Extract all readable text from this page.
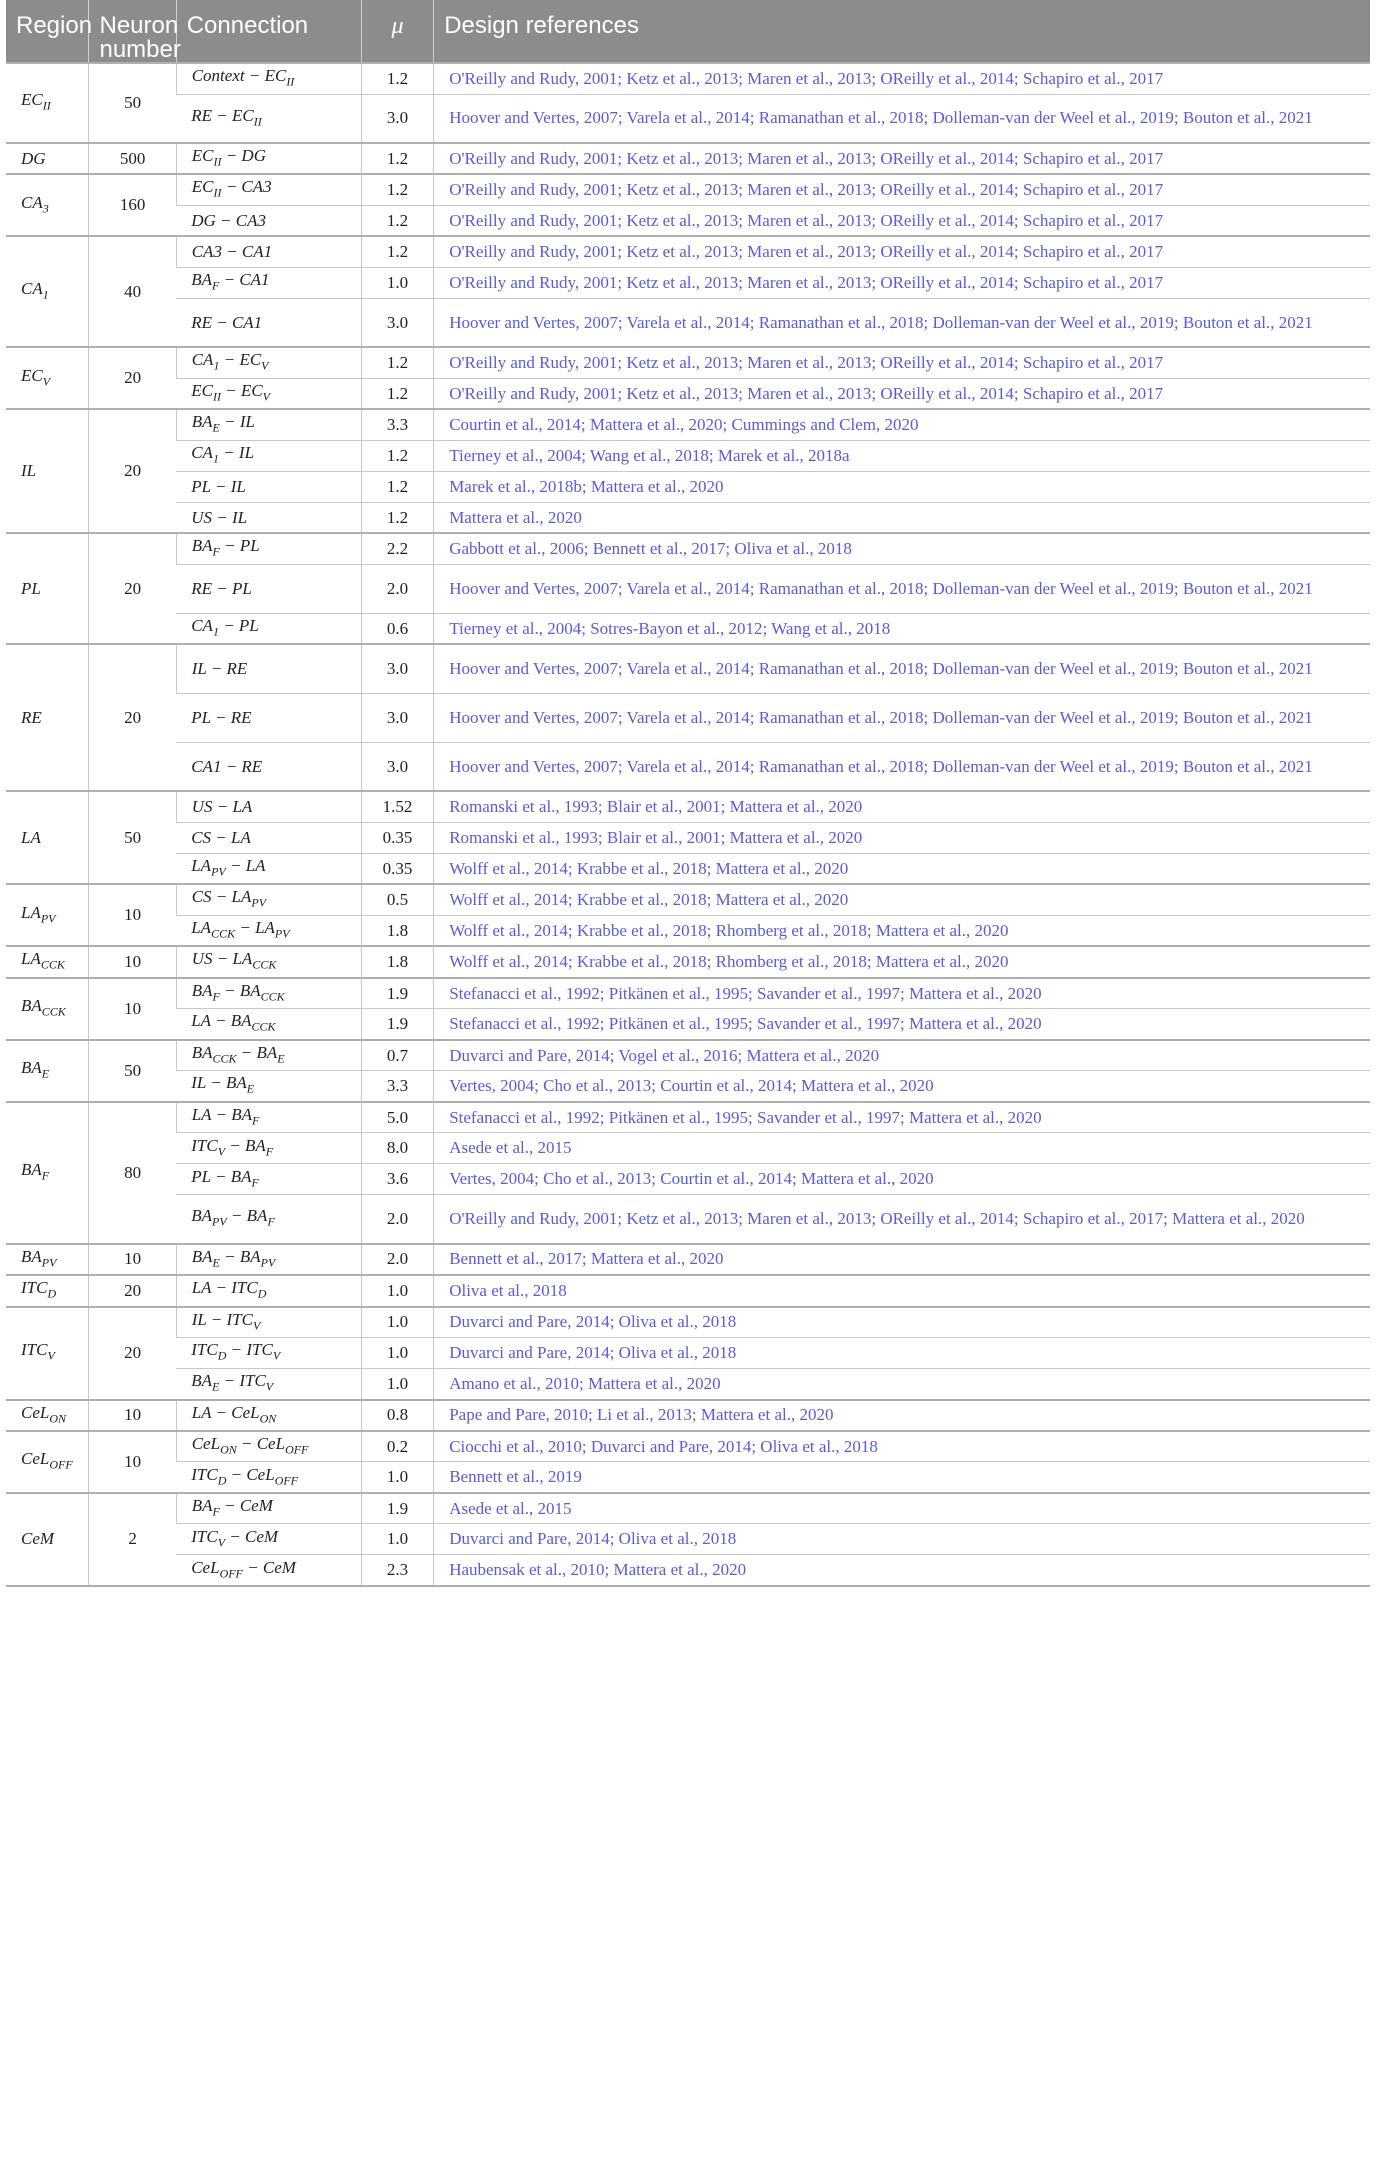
Region	Neuron number	Connection	μ	Design references
$EC_{II}$	50	Context − $EC_{II}$	1.2	O'Reilly and Rudy, 2001; Ketz et al., 2013; Maren et al., 2013; OReilly et al., 2014; Schapiro et al., 2017
		RE − $EC_{II}$	3.0	Hoover and Vertes, 2007; Varela et al., 2014; Ramanathan et al., 2018; Dolleman-van der Weel et al., 2019; Bouton et al., 2021
DG	500	$EC_{II}$ − DG	1.2	O'Reilly and Rudy, 2001; Ketz et al., 2013; Maren et al., 2013; OReilly et al., 2014; Schapiro et al., 2017
$CA_3$	160	$EC_{II} - CA3$	1.2	O'Reilly and Rudy, 2001; Ketz et al., 2013; Maren et al., 2013; OReilly et al., 2014; Schapiro et al., 2017
		DG − CA3	1.2	O'Reilly and Rudy, 2001; Ketz et al., 2013; Maren et al., 2013; OReilly et al., 2014; Schapiro et al., 2017
$CA_1$	40	CA3 − CA1	1.2	O'Reilly and Rudy, 2001; Ketz et al., 2013; Maren et al., 2013; OReilly et al., 2014; Schapiro et al., 2017
		$BA_F - CA1$	1.0	O'Reilly and Rudy, 2001; Ketz et al., 2013; Maren et al., 2013; OReilly et al., 2014; Schapiro et al., 2017
		RE − CA1	3.0	Hoover and Vertes, 2007; Varela et al., 2014; Ramanathan et al., 2018; Dolleman-van der Weel et al., 2019; Bouton et al., 2021
$EC_V$	20	$CA_1 - EC_V$	1.2	O'Reilly and Rudy, 2001; Ketz et al., 2013; Maren et al., 2013; OReilly et al., 2014; Schapiro et al., 2017
		$EC_{II} - EC_V$	1.2	O'Reilly and Rudy, 2001; Ketz et al., 2013; Maren et al., 2013; OReilly et al., 2014; Schapiro et al., 2017
IL	20	$BA_E$ − IL	3.3	Courtin et al., 2014; Mattera et al., 2020; Cummings and Clem, 2020
		$CA_1$ − IL	1.2	Tierney et al., 2004; Wang et al., 2018; Marek et al., 2018a
		PL − IL	1.2	Marek et al., 2018b; Mattera et al., 2020
		US − IL	1.2	Mattera et al., 2020
PL	20	$BA_F$ − PL	2.2	Gabbott et al., 2006; Bennett et al., 2017; Oliva et al., 2018
		RE − PL	2.0	Hoover and Vertes, 2007; Varela et al., 2014; Ramanathan et al., 2018; Dolleman-van der Weel et al., 2019; Bouton et al., 2021
		$CA_1$ − PL	0.6	Tierney et al., 2004; Sotres-Bayon et al., 2012; Wang et al., 2018
RE	20	IL − RE	3.0	Hoover and Vertes, 2007; Varela et al., 2014; Ramanathan et al., 2018; Dolleman-van der Weel et al., 2019; Bouton et al., 2021
		PL − RE	3.0	Hoover and Vertes, 2007; Varela et al., 2014; Ramanathan et al., 2018; Dolleman-van der Weel et al., 2019; Bouton et al., 2021
		CA1 − RE	3.0	Hoover and Vertes, 2007; Varela et al., 2014; Ramanathan et al., 2018; Dolleman-van der Weel et al., 2019; Bouton et al., 2021
LA	50	US − LA	1.52	Romanski et al., 1993; Blair et al., 2001; Mattera et al., 2020
		CS − LA	0.35	Romanski et al., 1993; Blair et al., 2001; Mattera et al., 2020
		$LA_{PV}$ − LA	0.35	Wolff et al., 2014; Krabbe et al., 2018; Mattera et al., 2020
$LA_{PV}$	10	CS − $LA_{PV}$	0.5	Wolff et al., 2014; Krabbe et al., 2018; Mattera et al., 2020
		$LA_{CCK} - LA_{PV}$	1.8	Wolff et al., 2014; Krabbe et al., 2018; Rhomberg et al., 2018; Mattera et al., 2020
$LA_{CCK}$	10	US − $LA_{CCK}$	1.8	Wolff et al., 2014; Krabbe et al., 2018; Rhomberg et al., 2018; Mattera et al., 2020
$BA_{CCK}$	10	$BA_F - BA_{CCK}$	1.9	Stefanacci et al., 1992; Pitkänen et al., 1995; Savander et al., 1997; Mattera et al., 2020
		LA − $BA_{CCK}$	1.9	Stefanacci et al., 1992; Pitkänen et al., 1995; Savander et al., 1997; Mattera et al., 2020
$BA_E$	50	$BA_{CCK} - BA_E$	0.7	Duvarci and Pare, 2014; Vogel et al., 2016; Mattera et al., 2020
		IL − $BA_E$	3.3	Vertes, 2004; Cho et al., 2013; Courtin et al., 2014; Mattera et al., 2020
$BA_F$	80	LA − $BA_F$	5.0	Stefanacci et al., 1992; Pitkänen et al., 1995; Savander et al., 1997; Mattera et al., 2020
		$ITC_V - BA_F$	8.0	Asede et al., 2015
		PL − $BA_F$	3.6	Vertes, 2004; Cho et al., 2013; Courtin et al., 2014; Mattera et al., 2020
		$BA_{PV} - BA_F$	2.0	O'Reilly and Rudy, 2001; Ketz et al., 2013; Maren et al., 2013; OReilly et al., 2014; Schapiro et al., 2017; Mattera et al., 2020
$BA_{PV}$	10	$BA_E - BA_{PV}$	2.0	Bennett et al., 2017; Mattera et al., 2020
$ITC_D$	20	LA − $ITC_D$	1.0	Oliva et al., 2018
$ITC_V$	20	IL − $ITC_V$	1.0	Duvarci and Pare, 2014; Oliva et al., 2018
		$ITC_D - ITC_V$	1.0	Duvarci and Pare, 2014; Oliva et al., 2018
		$BA_E - ITC_V$	1.0	Amano et al., 2010; Mattera et al., 2020
CeL$_{ON}$	10	LA − CeL$_{ON}$	0.8	Pape and Pare, 2010; Li et al., 2013; Mattera et al., 2020
CeL$_{OFF}$	10	CeL$_{ON}$ − CeL$_{OFF}$	0.2	Ciocchi et al., 2010; Duvarci and Pare, 2014; Oliva et al., 2018
		$ITC_D - CeL_{OFF}$	1.0	Bennett et al., 2019
CeM	2	$BA_F$ − CeM	1.9	Asede et al., 2015
		$ITC_V$ − CeM	1.0	Duvarci and Pare, 2014; Oliva et al., 2018
		CeL$_{OFF}$ − CeM	2.3	Haubensak et al., 2010; Mattera et al., 2020
